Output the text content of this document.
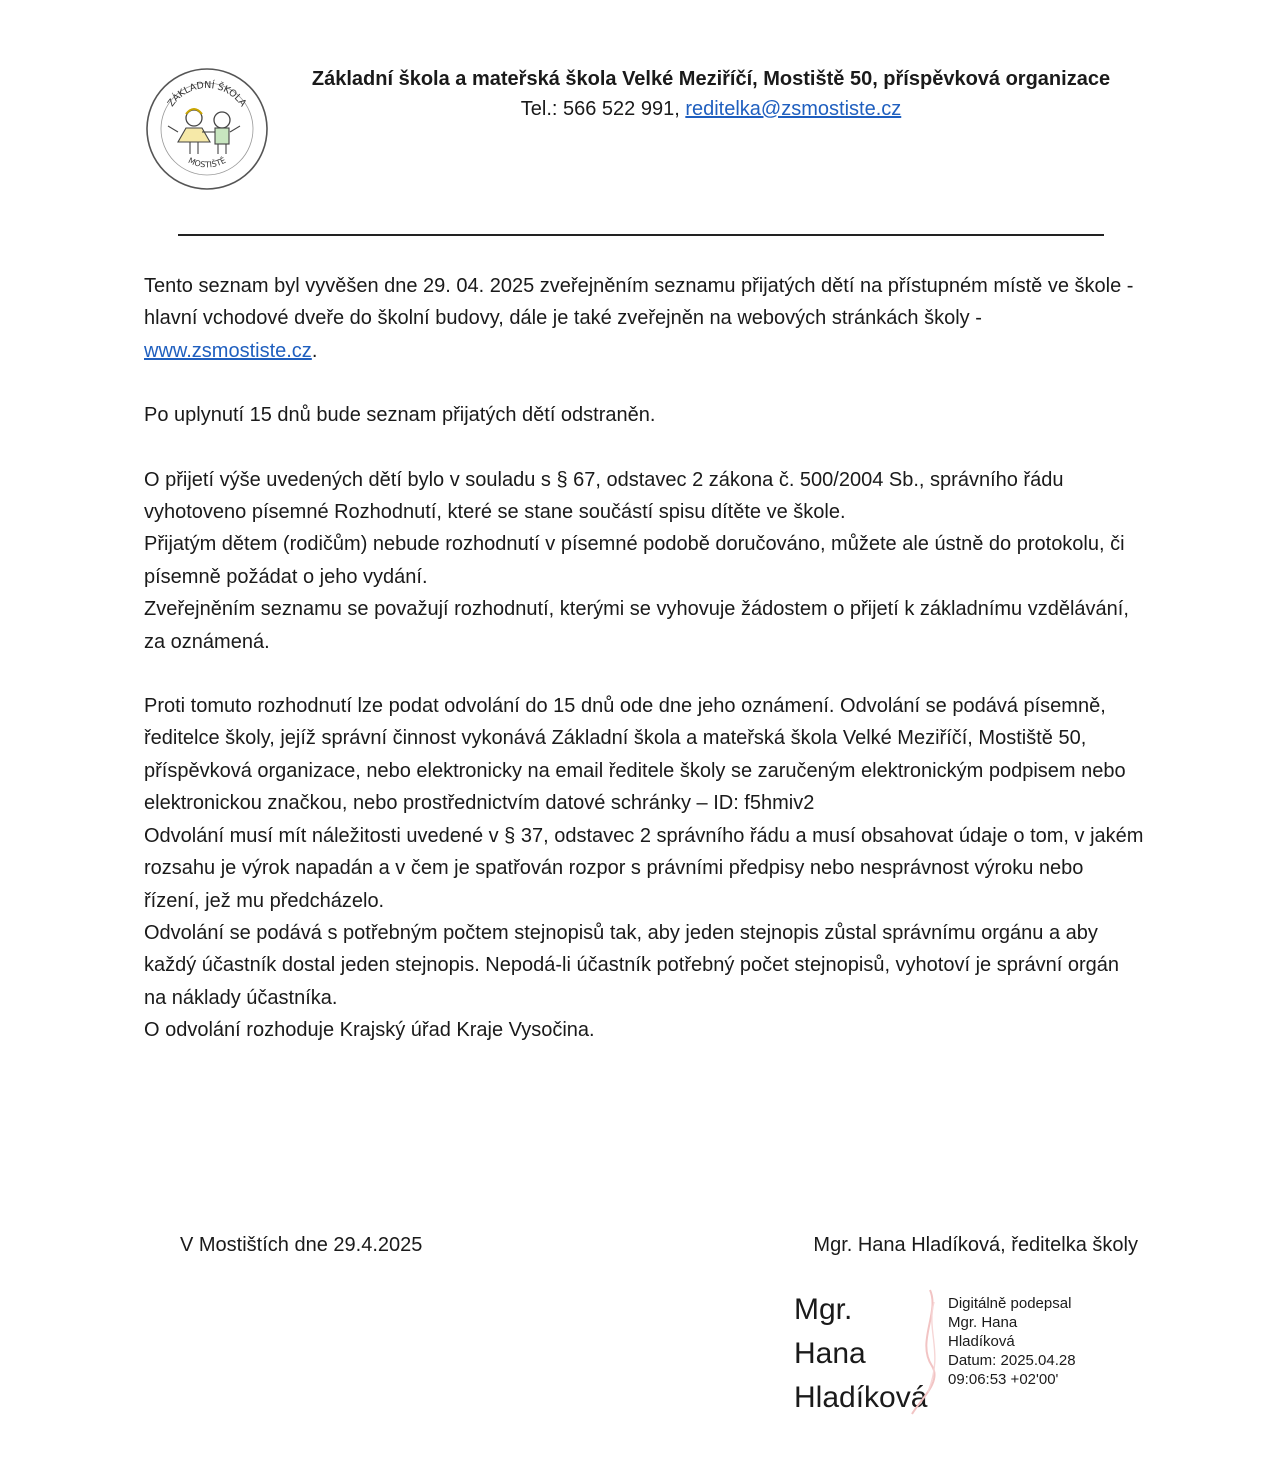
ZÁKLADNÍ ŠKOLA
MOSTIŠTĚ
Základní škola a mateřská škola Velké Meziříčí, Mostiště 50, příspěvková organizace
Tel.: 566 522 991, reditelka@zsmostiste.cz

Tento seznam byl vyvěšen dne 29. 04. 2025 zveřejněním seznamu přijatých dětí na přístupném místě ve škole - hlavní vchodové dveře do školní budovy, dále je také zveřejněn na webových stránkách školy - www.zsmostiste.cz.

Po uplynutí 15 dnů bude seznam přijatých dětí odstraněn.

O přijetí výše uvedených dětí bylo v souladu s § 67, odstavec 2 zákona č. 500/2004 Sb., správního řádu vyhotoveno písemné Rozhodnutí, které se stane součástí spisu dítěte ve škole.

Přijatým dětem (rodičům) nebude rozhodnutí v písemné podobě doručováno, můžete ale ústně do protokolu, či písemně požádat o jeho vydání.

Zveřejněním seznamu se považují rozhodnutí, kterými se vyhovuje žádostem o přijetí k základnímu vzdělávání, za oznámená.

Proti tomuto rozhodnutí lze podat odvolání do 15 dnů ode dne jeho oznámení. Odvolání se podává písemně, ředitelce školy, jejíž správní činnost vykonává Základní škola a mateřská škola Velké Meziříčí, Mostiště 50, příspěvková organizace, nebo elektronicky na email ředitele školy se zaručeným elektronickým podpisem nebo elektronickou značkou, nebo prostřednictvím datové schránky – ID: f5hmiv2

Odvolání musí mít náležitosti uvedené v § 37, odstavec 2 správního řádu a musí obsahovat údaje o tom, v jakém rozsahu je výrok napadán a v čem je spatřován rozpor s právními předpisy nebo nesprávnost výroku nebo řízení, jež mu předcházelo.

Odvolání se podává s potřebným počtem stejnopisů tak, aby jeden stejnopis zůstal správnímu orgánu a aby každý účastník dostal jeden stejnopis. Nepodá-li účastník potřebný počet stejnopisů, vyhotoví je správní orgán na náklady účastníka.

O odvolání rozhoduje Krajský úřad Kraje Vysočina.

V Mostištích dne 29.4.2025	Mgr. Hana Hladíková, ředitelka školy
Mgr.
Hana
Hladíková
Digitálně podepsal
Mgr. Hana
Hladíková
Datum: 2025.04.28
09:06:53 +02'00'
